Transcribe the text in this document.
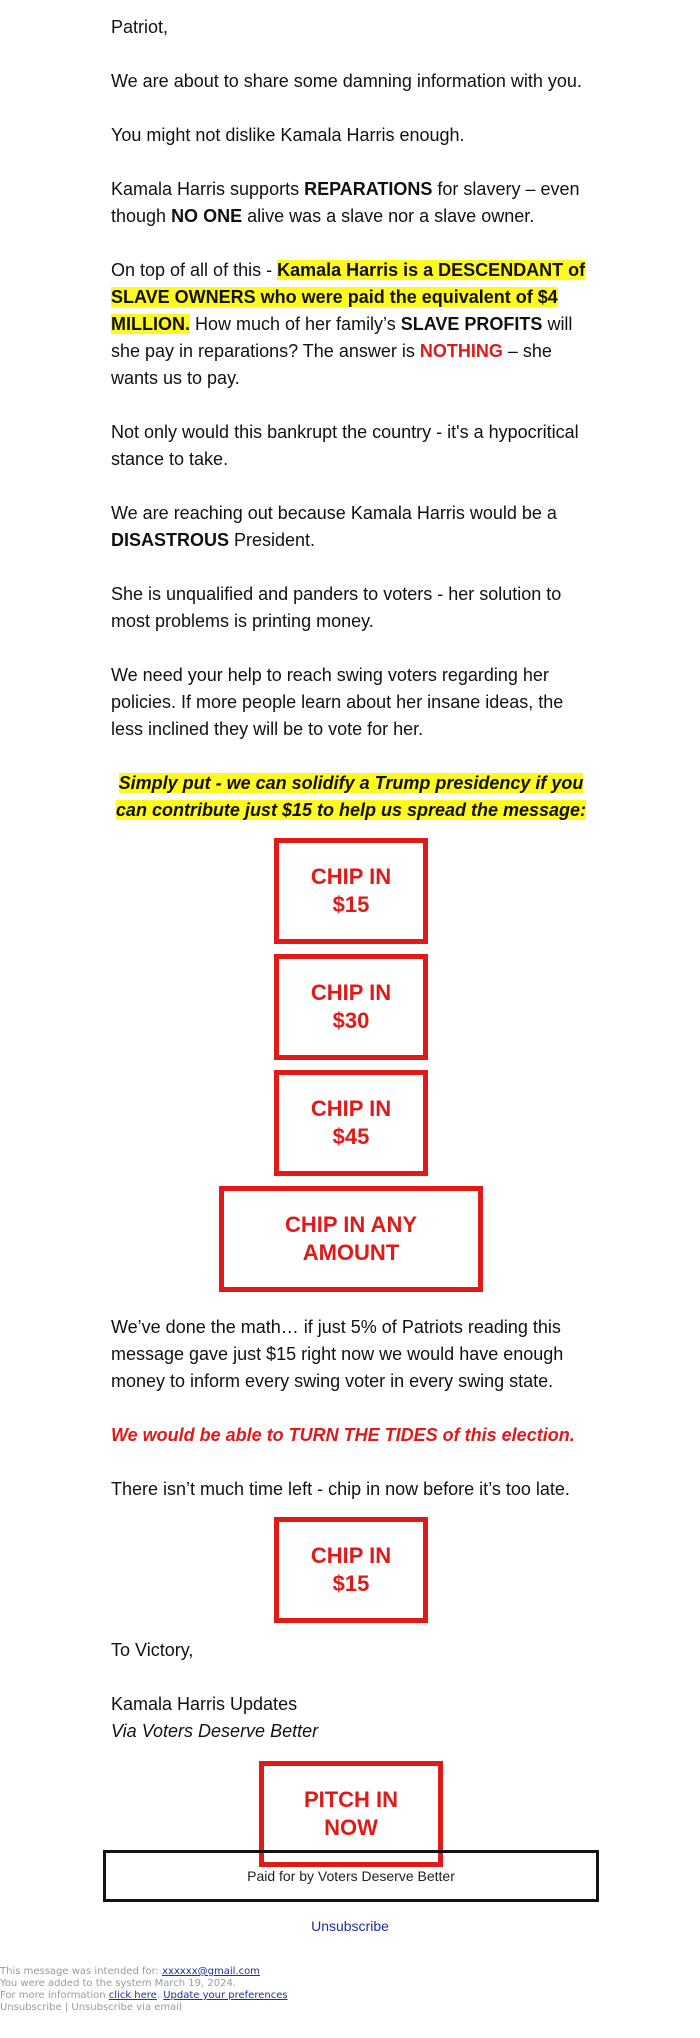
Patriot,

We are about to share some damning information with you.

You might not dislike Kamala Harris enough.

Kamala Harris supports REPARATIONS for slavery – even though NO ONE alive was a slave nor a slave owner.

On top of all of this - Kamala Harris is a DESCENDANT of SLAVE OWNERS who were paid the equivalent of $4 MILLION. How much of her family’s SLAVE PROFITS will she pay in reparations? The answer is NOTHING – she wants us to pay.

Not only would this bankrupt the country - it's a hypocritical stance to take.

We are reaching out because Kamala Harris would be a DISASTROUS President.

She is unqualified and panders to voters - her solution to most problems is printing money.

We need your help to reach swing voters regarding her policies. If more people learn about her insane ideas, the less inclined they will be to vote for her.

Simply put - we can solidify a Trump presidency if you can contribute just $15 to help us spread the message:

CHIP IN $15
CHIP IN $30
CHIP IN $45
CHIP IN ANY AMOUNT

We’ve done the math… if just 5% of Patriots reading this message gave just $15 right now we would have enough money to inform every swing voter in every swing state.

We would be able to TURN THE TIDES of this election.

There isn’t much time left - chip in now before it’s too late.

CHIP IN $15

To Victory,

Kamala Harris Updates

Via Voters Deserve Better

PITCH IN NOW
Paid for by Voters Deserve Better
Unsubscribe
This message was intended for: xxxxxx@gmail.com
You were added to the system March 19, 2024.
For more information click here. Update your preferences
Unsubscribe | Unsubscribe via email
